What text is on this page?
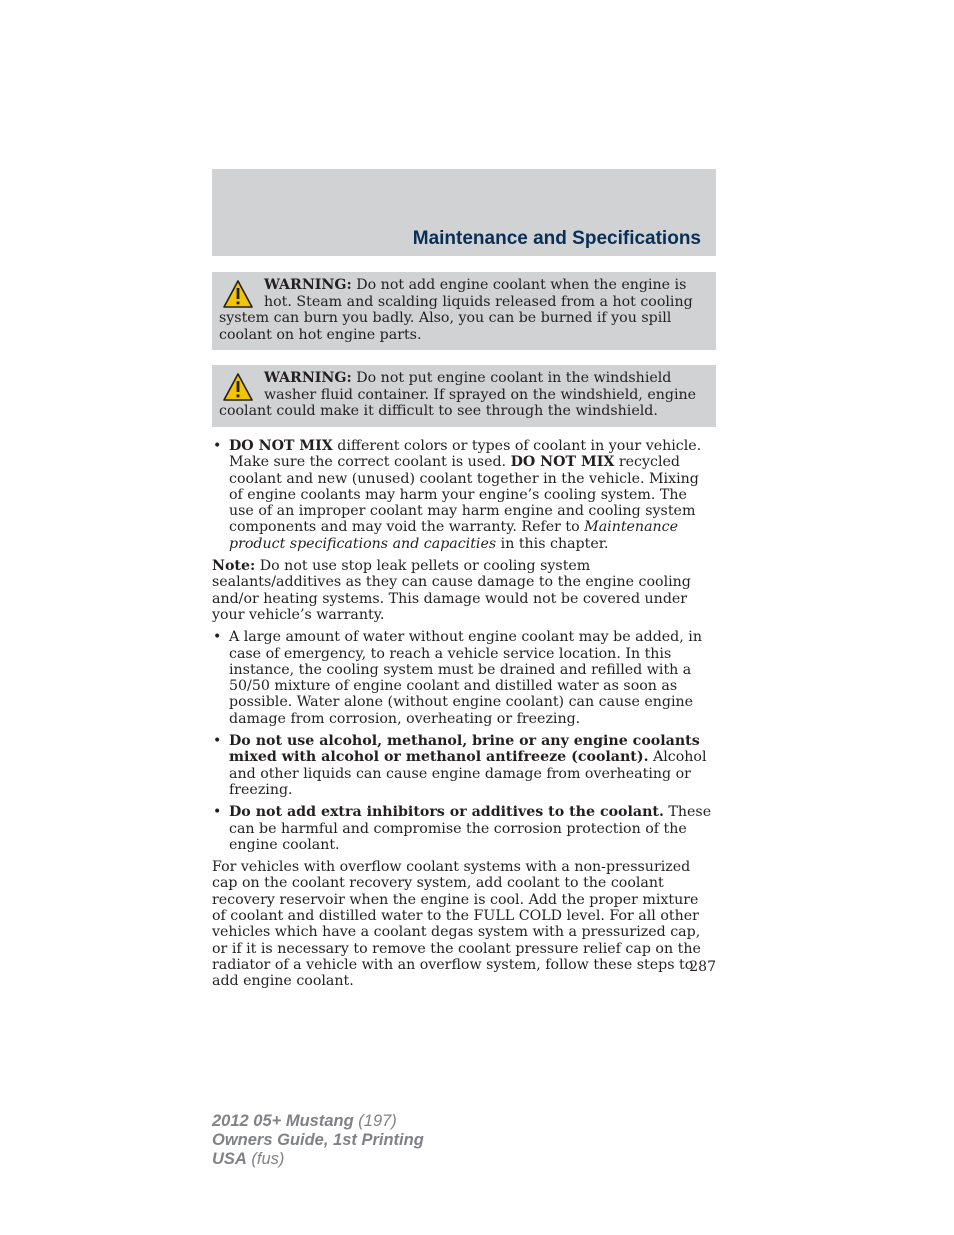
Maintenance and Specifications
WARNING: Do not add engine coolant when the engine is hot. Steam and scalding liquids released from a hot cooling system can burn you badly. Also, you can be burned if you spill coolant on hot engine parts.
WARNING: Do not put engine coolant in the windshield washer fluid container. If sprayed on the windshield, engine coolant could make it difficult to see through the windshield.
• DO NOT MIX different colors or types of coolant in your vehicle. Make sure the correct coolant is used. DO NOT MIX recycled coolant and new (unused) coolant together in the vehicle. Mixing of engine coolants may harm your engine’s cooling system. The use of an improper coolant may harm engine and cooling system components and may void the warranty. Refer to Maintenance product specifications and capacities in this chapter.
Note: Do not use stop leak pellets or cooling system sealants/additives as they can cause damage to the engine cooling and/or heating systems. This damage would not be covered under your vehicle’s warranty.
• A large amount of water without engine coolant may be added, in case of emergency, to reach a vehicle service location. In this instance, the cooling system must be drained and refilled with a 50/50 mixture of engine coolant and distilled water as soon as possible. Water alone (without engine coolant) can cause engine damage from corrosion, overheating or freezing.
• Do not use alcohol, methanol, brine or any engine coolants mixed with alcohol or methanol antifreeze (coolant). Alcohol and other liquids can cause engine damage from overheating or freezing.
• Do not add extra inhibitors or additives to the coolant. These can be harmful and compromise the corrosion protection of the engine coolant.
For vehicles with overflow coolant systems with a non-pressurized cap on the coolant recovery system, add coolant to the coolant recovery reservoir when the engine is cool. Add the proper mixture of coolant and distilled water to the FULL COLD level. For all other vehicles which have a coolant degas system with a pressurized cap, or if it is necessary to remove the coolant pressure relief cap on the radiator of a vehicle with an overflow system, follow these steps to add engine coolant.
287
2012 05+ Mustang (197)
Owners Guide, 1st Printing
USA (fus)
